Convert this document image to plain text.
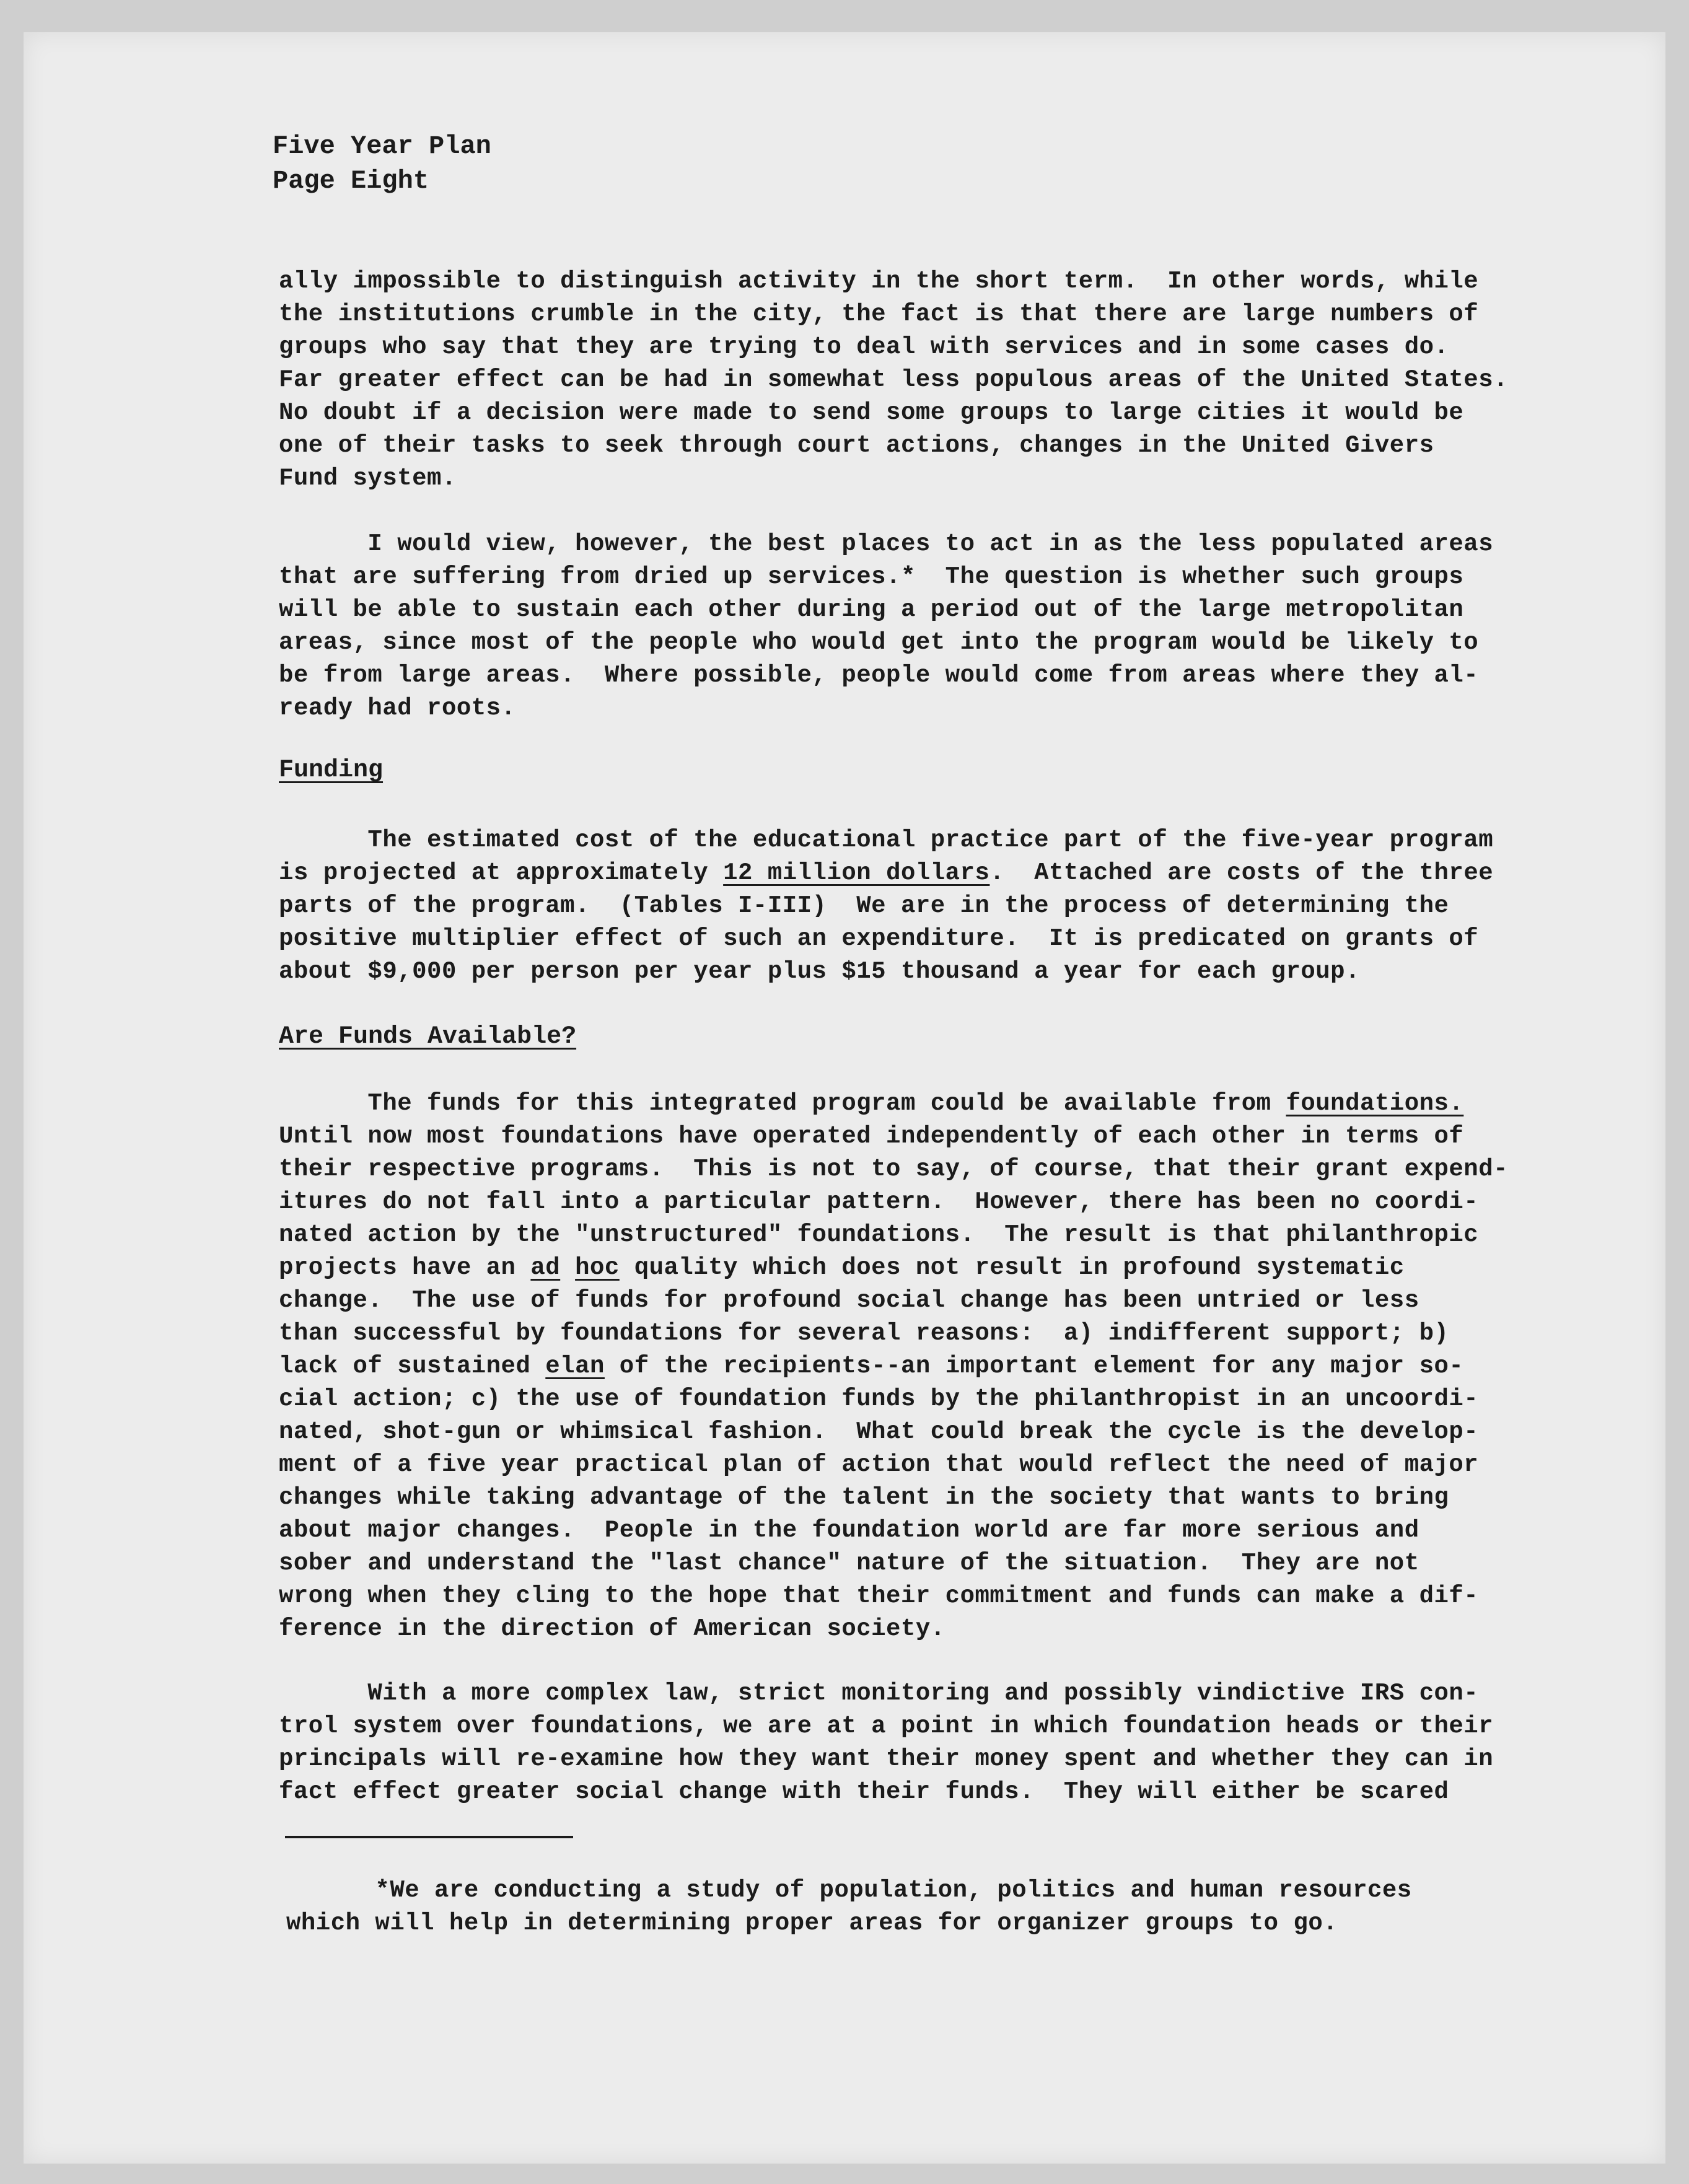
Five Year Plan
Page Eight
ally impossible to distinguish activity in the short term.  In other words, while
the institutions crumble in the city, the fact is that there are large numbers of
groups who say that they are trying to deal with services and in some cases do.
Far greater effect can be had in somewhat less populous areas of the United States.
No doubt if a decision were made to send some groups to large cities it would be
one of their tasks to seek through court actions, changes in the United Givers
Fund system.
I would view, however, the best places to act in as the less populated areas
that are suffering from dried up services.*  The question is whether such groups
will be able to sustain each other during a period out of the large metropolitan
areas, since most of the people who would get into the program would be likely to
be from large areas.  Where possible, people would come from areas where they al-
ready had roots.
Funding
The estimated cost of the educational practice part of the five-year program
is projected at approximately 12 million dollars.  Attached are costs of the three
parts of the program.  (Tables I-III)  We are in the process of determining the
positive multiplier effect of such an expenditure.  It is predicated on grants of
about $9,000 per person per year plus $15 thousand a year for each group.
Are Funds Available?
The funds for this integrated program could be available from foundations.
Until now most foundations have operated independently of each other in terms of
their respective programs.  This is not to say, of course, that their grant expend-
itures do not fall into a particular pattern.  However, there has been no coordi-
nated action by the "unstructured" foundations.  The result is that philanthropic
projects have an ad hoc quality which does not result in profound systematic
change.  The use of funds for profound social change has been untried or less
than successful by foundations for several reasons:  a) indifferent support; b)
lack of sustained elan of the recipients--an important element for any major so-
cial action; c) the use of foundation funds by the philanthropist in an uncoordi-
nated, shot-gun or whimsical fashion.  What could break the cycle is the develop-
ment of a five year practical plan of action that would reflect the need of major
changes while taking advantage of the talent in the society that wants to bring
about major changes.  People in the foundation world are far more serious and
sober and understand the "last chance" nature of the situation.  They are not
wrong when they cling to the hope that their commitment and funds can make a dif-
ference in the direction of American society.
With a more complex law, strict monitoring and possibly vindictive IRS con-
trol system over foundations, we are at a point in which foundation heads or their
principals will re-examine how they want their money spent and whether they can in
fact effect greater social change with their funds.  They will either be scared
*We are conducting a study of population, politics and human resources
which will help in determining proper areas for organizer groups to go.
